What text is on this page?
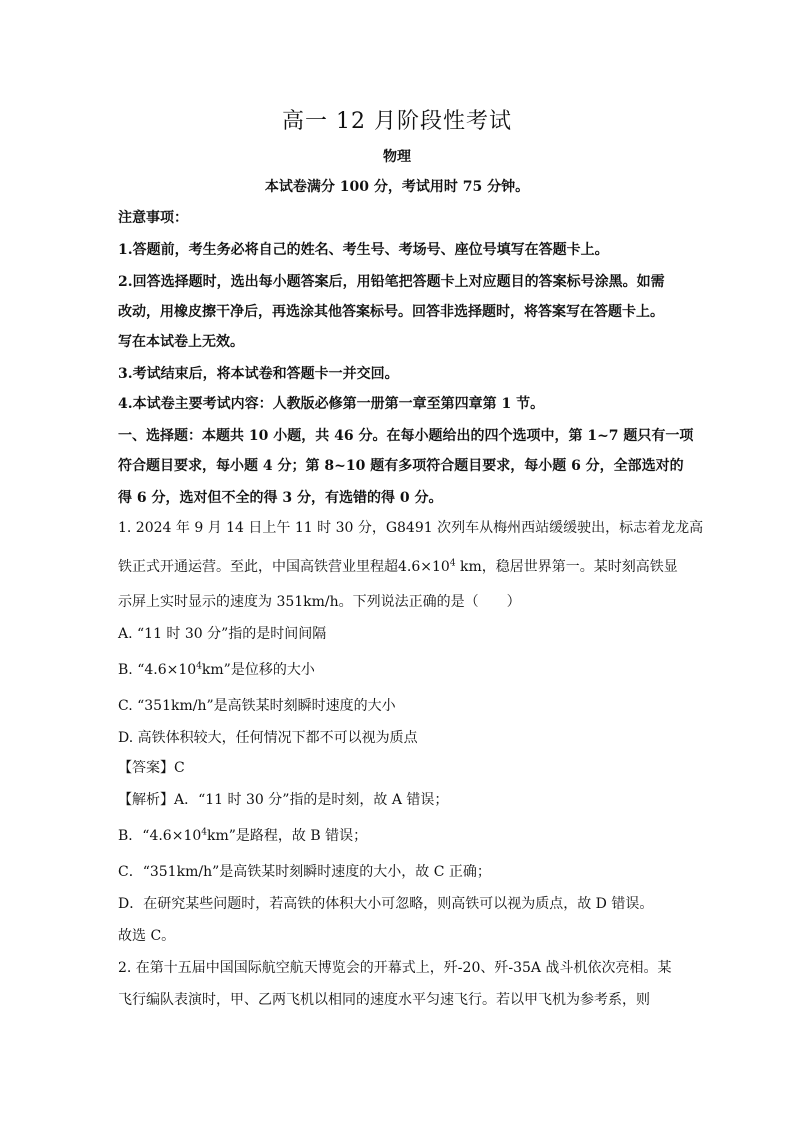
高一 12 月阶段性考试
物理
本试卷满分 100 分，考试用时 75 分钟。
注意事项：
1.答题前，考生务必将自己的姓名、考生号、考场号、座位号填写在答题卡上。
2.回答选择题时，选出每小题答案后，用铅笔把答题卡上对应题目的答案标号涂黑。如需
改动，用橡皮擦干净后，再选涂其他答案标号。回答非选择题时，将答案写在答题卡上。
写在本试卷上无效。
3.考试结束后，将本试卷和答题卡一并交回。
4.本试卷主要考试内容：人教版必修第一册第一章至第四章第 1 节。
一、选择题：本题共 10 小题，共 46 分。在每小题给出的四个选项中，第 1~7 题只有一项
符合题目要求，每小题 4 分；第 8~10 题有多项符合题目要求，每小题 6 分，全部选对的
得 6 分，选对但不全的得 3 分，有选错的得 0 分。
1. 2024 年 9 月 14 日上午 11 时 30 分，G8491 次列车从梅州西站缓缓驶出，标志着龙龙高
铁正式开通运营。至此，中国高铁营业里程超$4.6\times 10^4$ km，稳居世界第一。某时刻高铁显
示屏上实时显示的速度为 351km/h。下列说法正确的是（　　）
A. “11 时 30 分”指的是时间间隔
B. “$4.6\times 10^4km$”是位移的大小
C. “351km/h”是高铁某时刻瞬时速度的大小
D. 高铁体积较大，任何情况下都不可以视为质点
【答案】C
【解析】A．“11 时 30 分”指的是时刻，故 A 错误；
B．“$4.6\times 10^4km$”是路程，故 B 错误；
C．“351km/h”是高铁某时刻瞬时速度的大小，故 C 正确；
D．在研究某些问题时，若高铁的体积大小可忽略，则高铁可以视为质点，故 D 错误。
故选 C。
2. 在第十五届中国国际航空航天博览会的开幕式上，歼-20、歼-35A 战斗机依次亮相。某
飞行编队表演时，甲、乙两飞机以相同的速度水平匀速飞行。若以甲飞机为参考系，则
